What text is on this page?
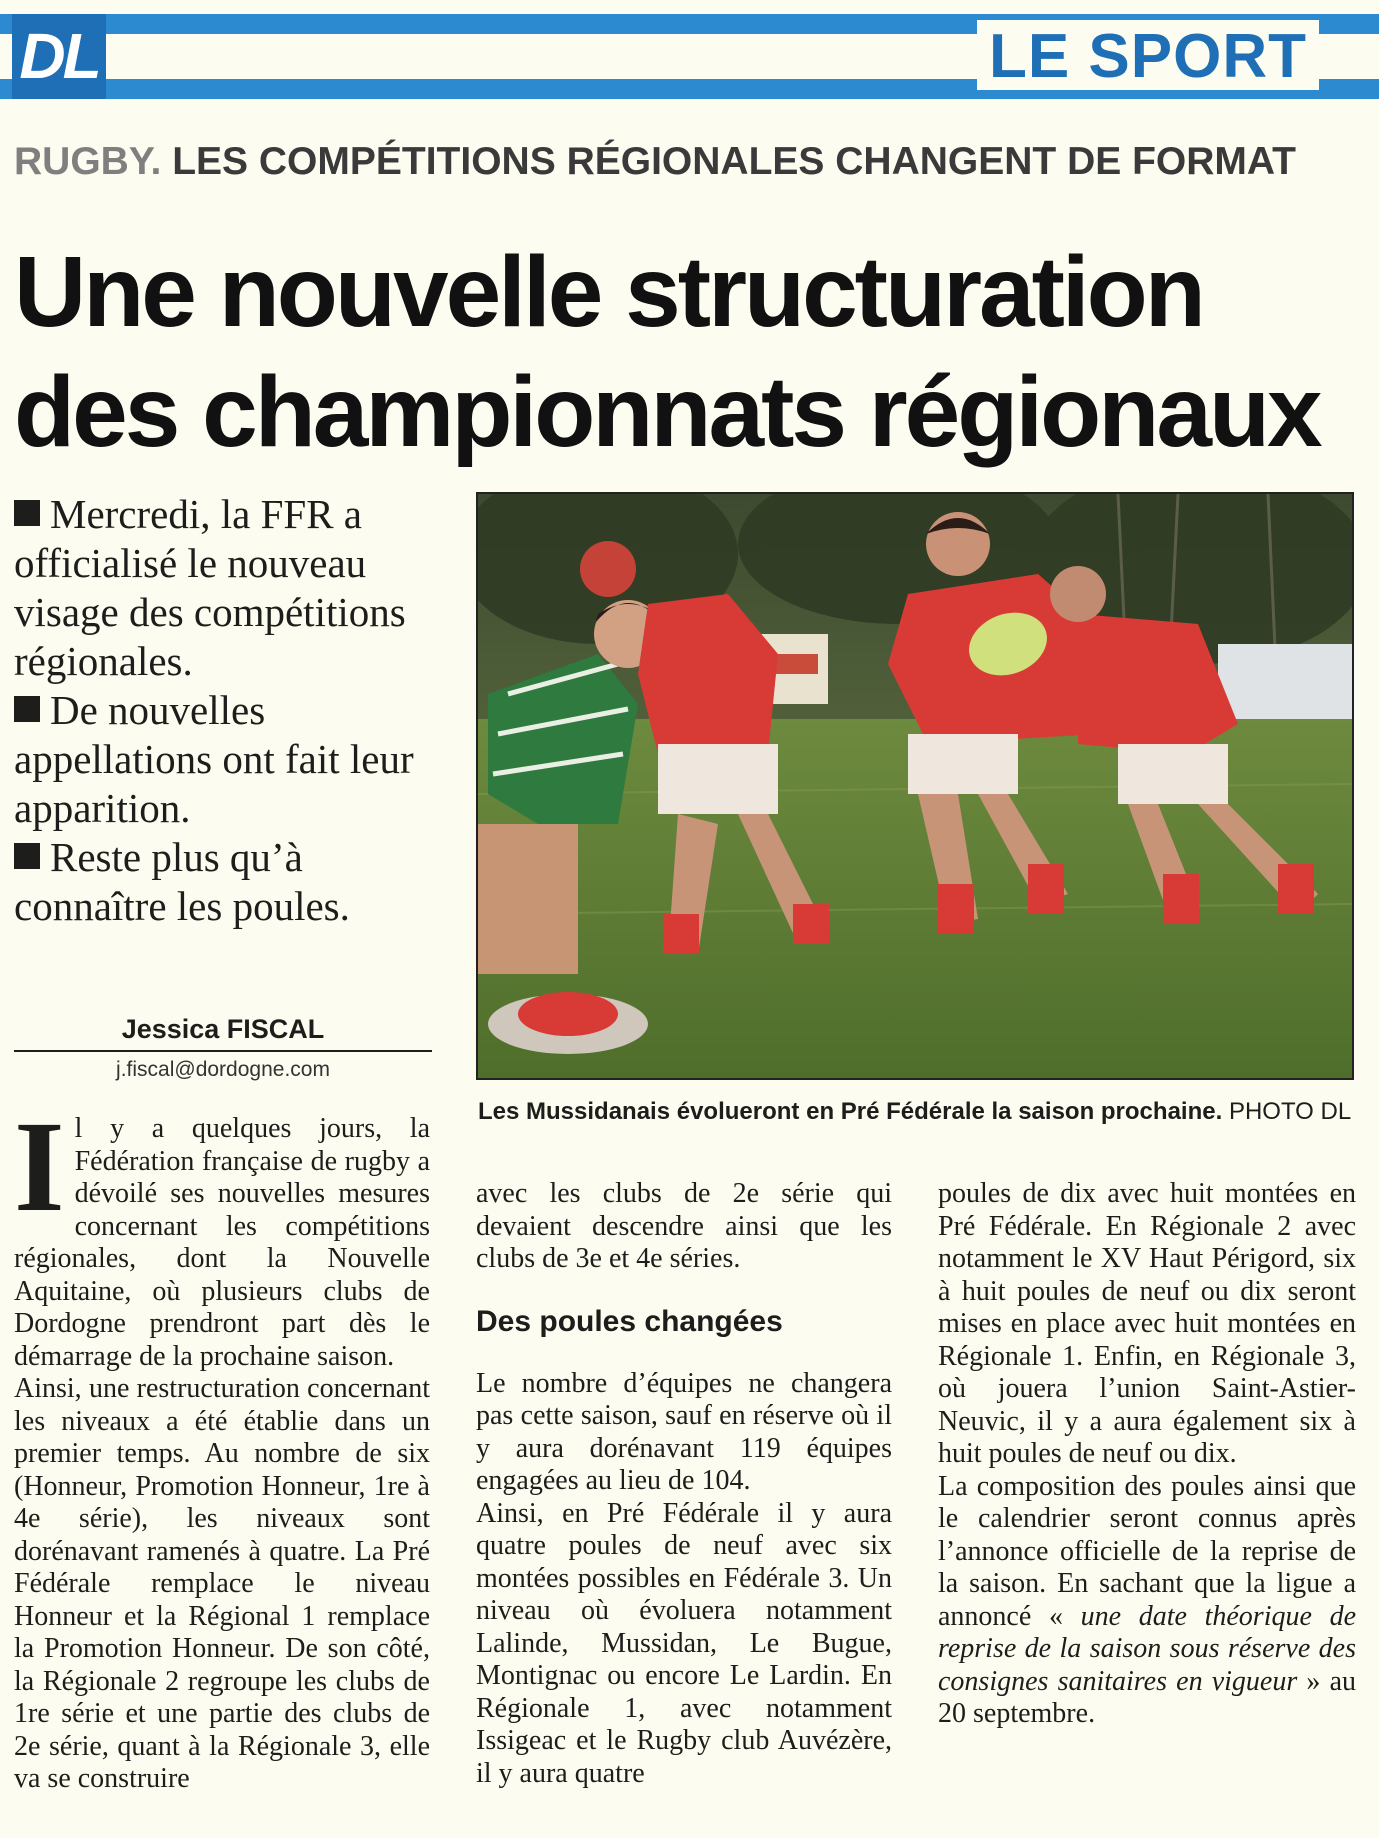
DL	LE SPORT
RUGBY. LES COMPÉTITIONS RÉGIONALES CHANGENT DE FORMAT
Une nouvelle structuration
des championnats régionaux

Mercredi, la FFR a officialisé le nouveau visage des compétitions régionales.

De nouvelles appellations ont fait leur apparition.

Reste plus qu’à connaître les poules.

Jessica FISCAL
j.fiscal@dordogne.com
Les Mussidanais évolueront en Pré Fédérale la saison prochaine. PHOTO DL

Il y a quelques jours, la Fédération française de rugby a dévoilé ses nouvelles mesures concernant les compétitions régionales, dont la Nouvelle Aquitaine, où plusieurs clubs de Dordogne prendront part dès le démarrage de la prochaine saison.

Ainsi, une restructuration concernant les niveaux a été établie dans un premier temps. Au nombre de six (Honneur, Promotion Honneur, 1re à 4e série), les niveaux sont dorénavant ramenés à quatre. La Pré Fédérale remplace le niveau Honneur et la Régional 1 remplace la Promotion Honneur. De son côté, la Régionale 2 regroupe les clubs de 1re série et une partie des clubs de 2e série, quant à la Régionale 3, elle va se construire

avec les clubs de 2e série qui devaient descendre ainsi que les clubs de 3e et 4e séries.

Des poules changées

Le nombre d’équipes ne changera pas cette saison, sauf en réserve où il y aura dorénavant 119 équipes engagées au lieu de 104.

Ainsi, en Pré Fédérale il y aura quatre poules de neuf avec six montées possibles en Fédérale 3. Un niveau où évoluera notamment Lalinde, Mussidan, Le Bugue, Montignac ou encore Le Lardin. En Régionale 1, avec notamment Issigeac et le Rugby club Auvézère, il y aura quatre

poules de dix avec huit montées en Pré Fédérale. En Régionale 2 avec notamment le XV Haut Périgord, six à huit poules de neuf ou dix seront mises en place avec huit montées en Régionale 1. Enfin, en Régionale 3, où jouera l’union Saint-Astier-Neuvic, il y a aura également six à huit poules de neuf ou dix.

La composition des poules ainsi que le calendrier seront connus après l’annonce officielle de la reprise de la saison. En sachant que la ligue a annoncé « une date théorique de reprise de la saison sous réserve des consignes sanitaires en vigueur » au 20 septembre.
